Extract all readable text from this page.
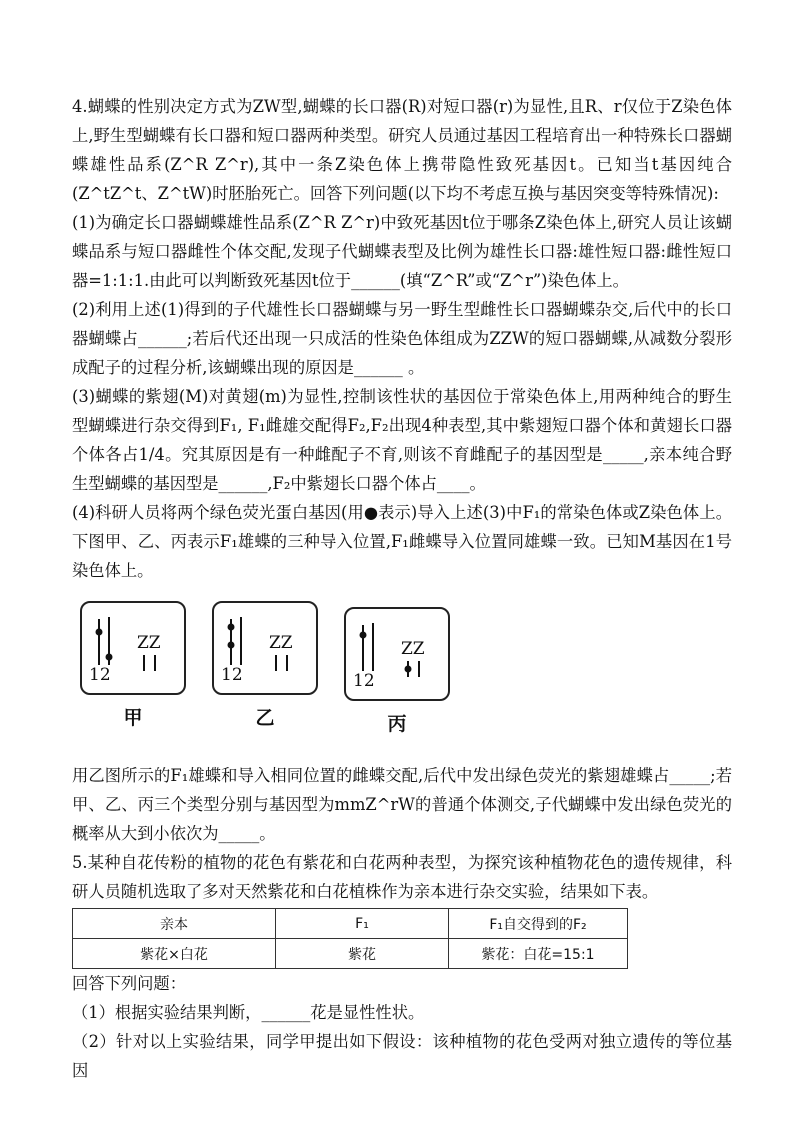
4.蝴蝶的性别决定方式为ZW型,蝴蝶的长口器(R)对短口器(r)为显性,且R、r仅位于Z染色体上,野生型蝴蝶有长口器和短口器两种类型。研究人员通过基因工程培育出一种特殊长口器蝴蝶雄性品系(Z^R Z^r),其中一条Z染色体上携带隐性致死基因t。已知当t基因纯合(Z^tZ^t、Z^tW)时胚胎死亡。回答下列问题(以下均不考虑互换与基因突变等特殊情况):

(1)为确定长口器蝴蝶雄性品系(Z^R Z^r)中致死基因t位于哪条Z染色体上,研究人员让该蝴蝶品系与短口器雌性个体交配,发现子代蝴蝶表型及比例为雄性长口器:雄性短口器:雌性短口器=1:1:1.由此可以判断致死基因t位于______(填“Z^R”或“Z^r”)染色体上。

(2)利用上述(1)得到的子代雄性长口器蝴蝶与另一野生型雌性长口器蝴蝶杂交,后代中的长口器蝴蝶占______;若后代还出现一只成活的性染色体组成为ZZW的短口器蝴蝶,从减数分裂形成配子的过程分析,该蝴蝶出现的原因是______ 。

(3)蝴蝶的紫翅(M)对黄翅(m)为显性,控制该性状的基因位于常染色体上,用两种纯合的野生型蝴蝶进行杂交得到F₁, F₁雌雄交配得F₂,F₂出现4种表型,其中紫翅短口器个体和黄翅长口器个体各占1/4。究其原因是有一种雌配子不育,则该不育雌配子的基因型是_____,亲本纯合野生型蝴蝶的基因型是______,F₂中紫翅长口器个体占____。

(4)科研人员将两个绿色荧光蛋白基因(用●表示)导入上述(3)中F₁的常染色体或Z染色体上。下图甲、乙、丙表示F₁雄蝶的三种导入位置,F₁雌蝶导入位置同雄蝶一致。已知M基因在1号染色体上。

12
ZZ
甲
12
ZZ
乙
12
ZZ
丙

用乙图所示的F₁雄蝶和导入相同位置的雌蝶交配,后代中发出绿色荧光的紫翅雄蝶占_____;若甲、乙、丙三个类型分别与基因型为mmZ^rW的普通个体测交,子代蝴蝶中发出绿色荧光的概率从大到小依次为_____。

5.某种自花传粉的植物的花色有紫花和白花两种表型，为探究该种植物花色的遗传规律，科研人员随机选取了多对天然紫花和白花植株作为亲本进行杂交实验，结果如下表。

亲本	F₁	F₁自交得到的F₂
紫花×白花	紫花	紫花：白花=15:1

回答下列问题：

（1）根据实验结果判断，______花是显性性状。

（2）针对以上实验结果，同学甲提出如下假设：该种植物的花色受两对独立遗传的等位基因
